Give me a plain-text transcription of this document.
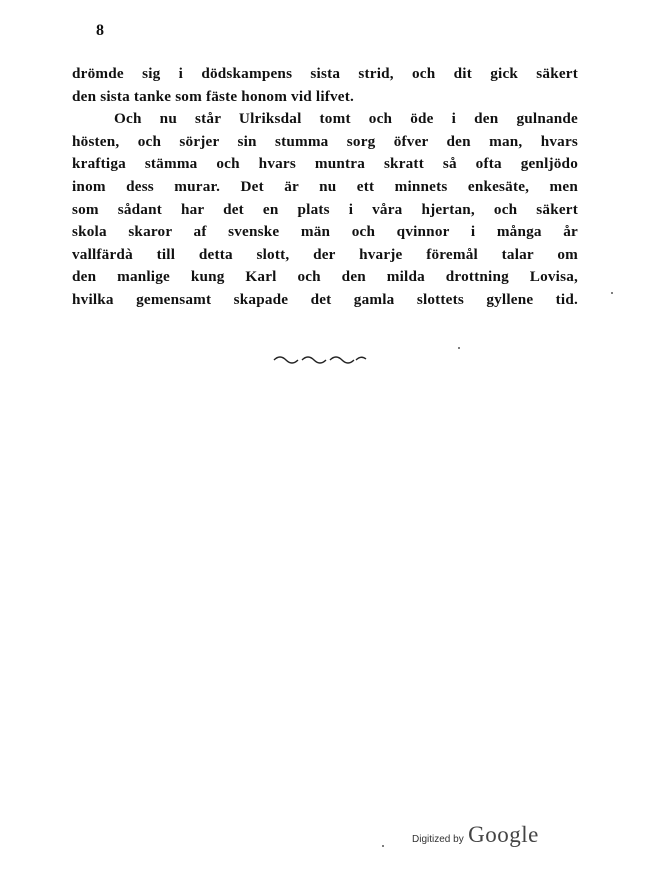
8
drömde sig i dödskampens sista strid, och dit gick säkert
den sista tanke som fäste honom vid lifvet.
Och nu står Ulriksdal tomt och öde i den gulnande
hösten, och sörjer sin stumma sorg öfver den man, hvars
kraftiga stämma och hvars muntra skratt så ofta genljödo
inom dess murar. Det är nu ett minnets enkesäte, men
som sådant har det en plats i våra hjertan, och säkert
skola skaror af svenske män och qvinnor i många år
vallfärdà till detta slott, der hvarje föremål talar om
den manlige kung Karl och den milda drottning Lovisa,
hvilka gemensamt skapade det gamla slottets gyllene tid.
Digitized by Google
